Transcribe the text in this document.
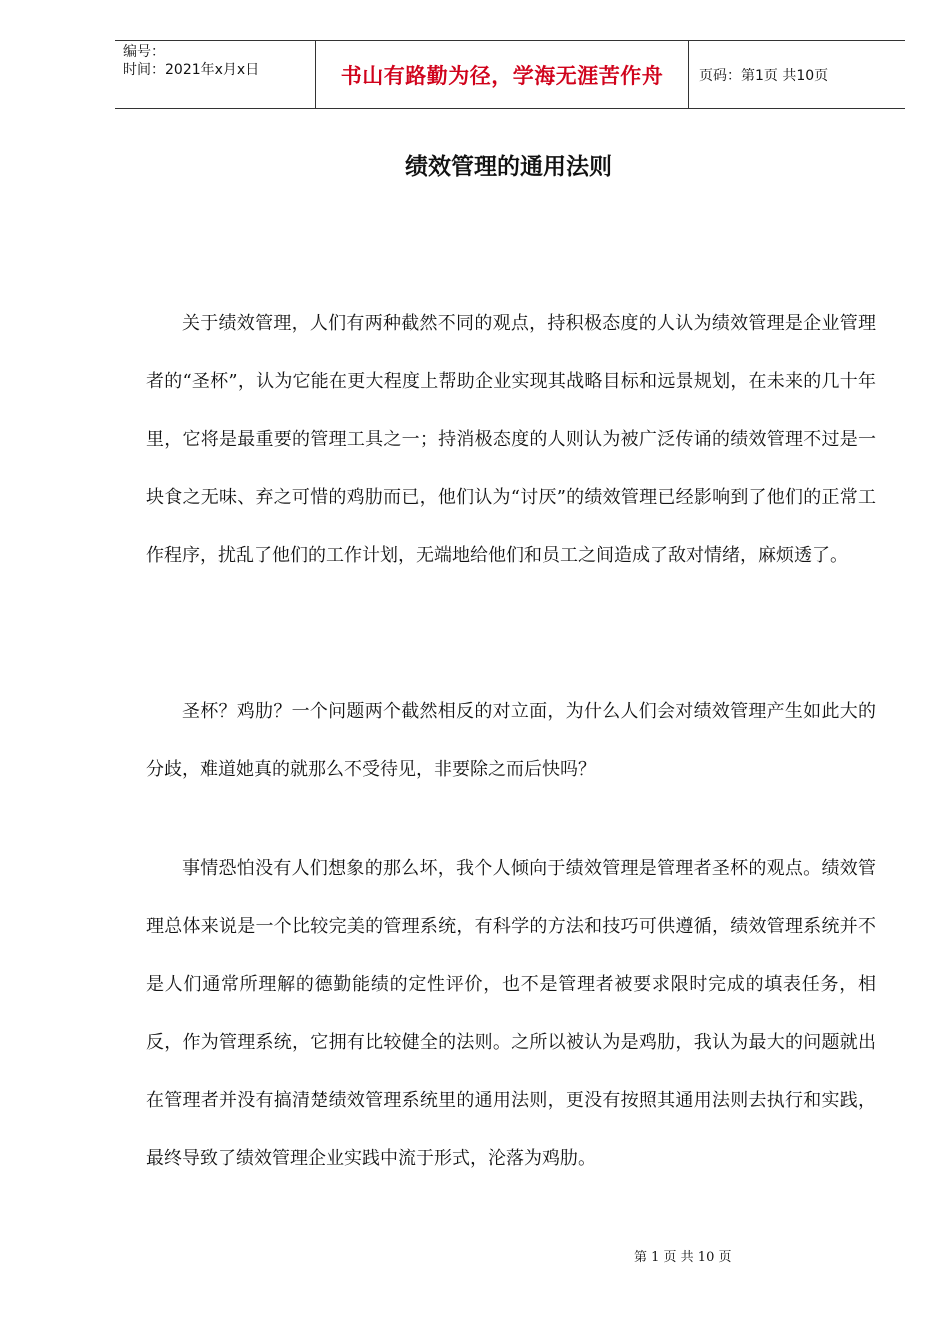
编号：
时间：2021年x月x日	书山有路勤为径，学海无涯苦作舟	页码：第1页 共10页
绩效管理的通用法则

关于绩效管理，人们有两种截然不同的观点，持积极态度的人认为绩效管理是企业管理者的“圣杯”，认为它能在更大程度上帮助企业实现其战略目标和远景规划，在未来的几十年里，它将是最重要的管理工具之一；持消极态度的人则认为被广泛传诵的绩效管理不过是一块食之无味、弃之可惜的鸡肋而已，他们认为“讨厌”的绩效管理已经影响到了他们的正常工作程序，扰乱了他们的工作计划，无端地给他们和员工之间造成了敌对情绪，麻烦透了。

圣杯？鸡肋？一个问题两个截然相反的对立面，为什么人们会对绩效管理产生如此大的分歧，难道她真的就那么不受待见，非要除之而后快吗？

事情恐怕没有人们想象的那么坏，我个人倾向于绩效管理是管理者圣杯的观点。绩效管理总体来说是一个比较完美的管理系统，有科学的方法和技巧可供遵循，绩效管理系统并不是人们通常所理解的德勤能绩的定性评价，也不是管理者被要求限时完成的填表任务，相反，作为管理系统，它拥有比较健全的法则。之所以被认为是鸡肋，我认为最大的问题就出在管理者并没有搞清楚绩效管理系统里的通用法则，更没有按照其通用法则去执行和实践，最终导致了绩效管理企业实践中流于形式，沦落为鸡肋。

第 1 页 共 10 页
